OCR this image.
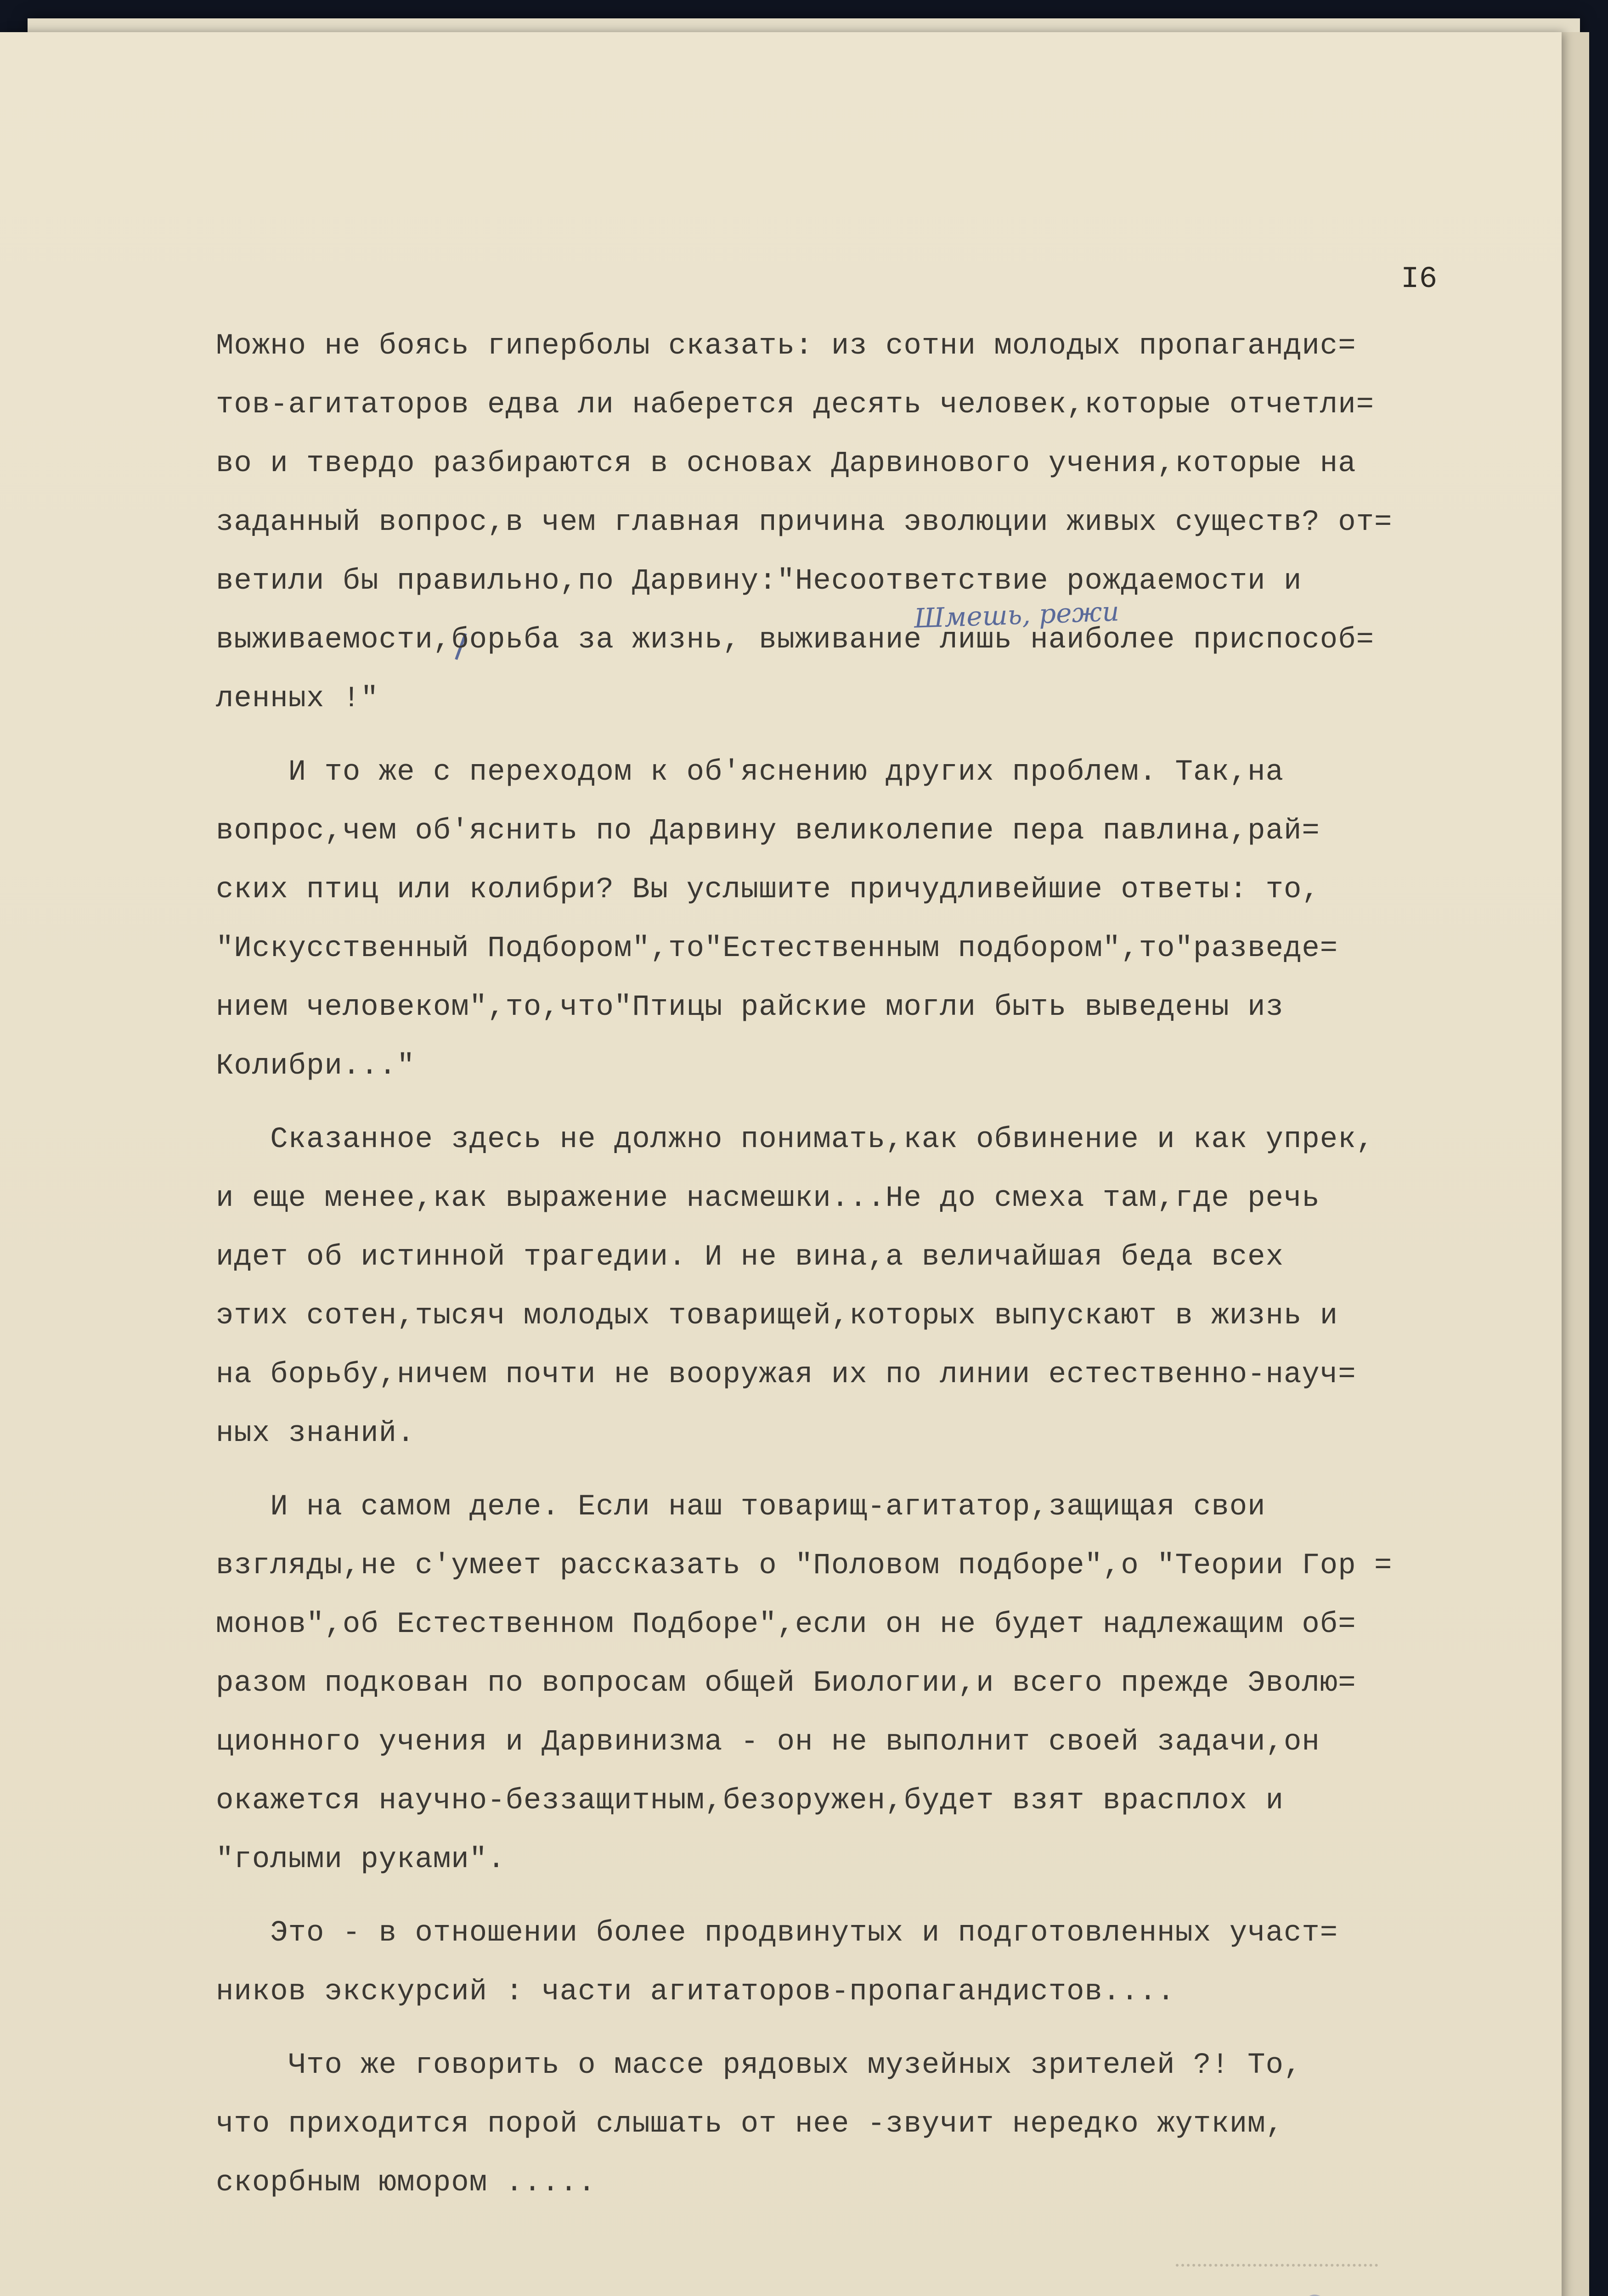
I6
Шмешь, режи
Можно не боясь гиперболы сказать: из сотни молодых пропагандис=
тов-агитаторов едва ли наберется десять человек,которые отчетли=
во и твердо разбираются в основах Дарвинового учения,которые на
заданный вопрос,в чем главная причина эволюции живых существ? от=
ветили бы правильно,по Дарвину:"Несоответствие рождаемости и
выживаемости,борьба за жизнь, выживание лишь наиболее приспособ=
ленных !"
И то же с переходом к об'яснению других проблем. Так,на
вопрос,чем об'яснить по Дарвину великолепие пера павлина,рай=
ских птиц или колибри? Вы услышите причудливейшие ответы: то,
"Искусственный Подбором",то"Естественным подбором",то"разведе=
нием человеком",то,что"Птицы райские могли быть выведены из
Колибри..."
Сказанное здесь не должно понимать,как обвинение и как упрек,
и еще менее,как выражение насмешки...Не до смеха там,где речь
идет об истинной трагедии. И не вина,а величайшая беда всех
этих сотен,тысяч молодых товарищей,которых выпускают в жизнь и
на борьбу,ничем почти не вооружая их по линии естественно-науч=
ных знаний.
И на самом деле. Если наш товарищ-агитатор,защищая свои
взгляды,не с'умеет рассказать о "Половом подборе",о "Теории Гор =
монов",об Естественном Подборе",если он не будет надлежащим об=
разом подкован по вопросам общей Биологии,и всего прежде Эволю=
ционного учения и Дарвинизма - он не выполнит своей задачи,он
окажется научно-беззащитным,безоружен,будет взят врасплох и
"голыми руками".
Это - в отношении более продвинутых и подготовленных участ=
ников экскурсий : части агитаторов-пропагандистов....
Что же говорить о массе рядовых музейных зрителей ?! То,
что приходится порой слышать от нее -звучит нередко жутким,
скорбным юмором .....
